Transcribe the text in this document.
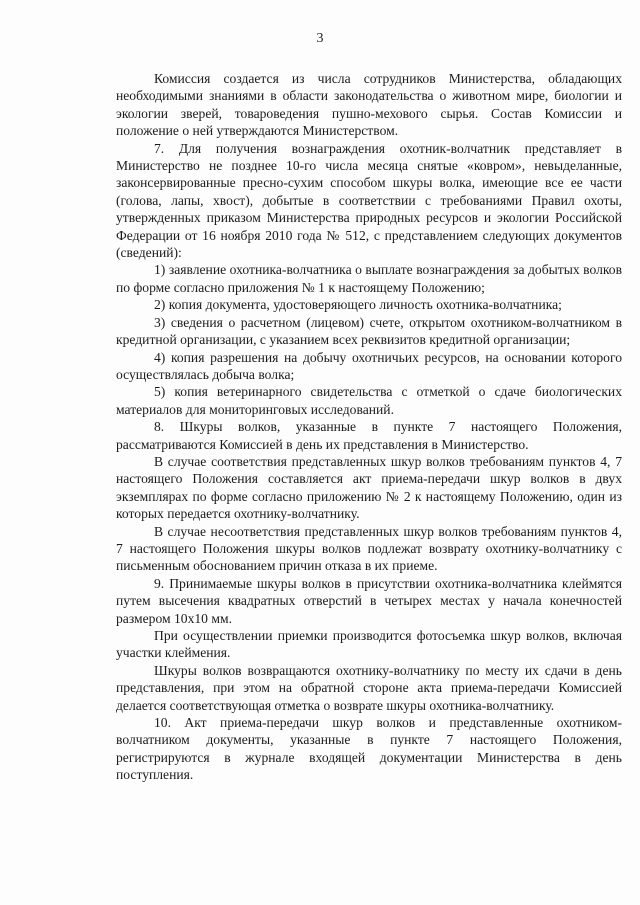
3

Комиссия создается из числа сотрудников Министерства, обладающих необходимыми знаниями в области законодательства о животном мире, биологии и экологии зверей, товароведения пушно-мехового сырья. Состав Комиссии и положение о ней утверждаются Министерством.

7. Для получения вознаграждения охотник-волчатник представляет в Министерство не позднее 10-го числа месяца снятые «ковром», невыделанные, законсервированные пресно-сухим способом шкуры волка, имеющие все ее части (голова, лапы, хвост), добытые в соответствии с требованиями Правил охоты, утвержденных приказом Министерства природных ресурсов и экологии Российской Федерации от 16 ноября 2010 года № 512, с представлением следующих документов (сведений):

1) заявление охотника-волчатника о выплате вознаграждения за добытых волков по форме согласно приложения № 1 к настоящему Положению;

2) копия документа, удостоверяющего личность охотника-волчатника;

3) сведения о расчетном (лицевом) счете, открытом охотником-волчатником в кредитной организации, с указанием всех реквизитов кредитной организации;

4) копия разрешения на добычу охотничьих ресурсов, на основании которого осуществлялась добыча волка;

5) копия ветеринарного свидетельства с отметкой о сдаче биологических материалов для мониторинговых исследований.

8. Шкуры волков, указанные в пункте 7 настоящего Положения, рассматриваются Комиссией в день их представления в Министерство.

В случае соответствия представленных шкур волков требованиям пунктов 4, 7 настоящего Положения составляется акт приема-передачи шкур волков в двух экземплярах по форме согласно приложению № 2 к настоящему Положению, один из которых передается охотнику-волчатнику.

В случае несоответствия представленных шкур волков требованиям пунктов 4, 7 настоящего Положения шкуры волков подлежат возврату охотнику-волчатнику с письменным обоснованием причин отказа в их приеме.

9. Принимаемые шкуры волков в присутствии охотника-волчатника клеймятся путем высечения квадратных отверстий в четырех местах у начала конечностей размером 10х10 мм.

При осуществлении приемки производится фотосъемка шкур волков, включая участки клеймения.

Шкуры волков возвращаются охотнику-волчатнику по месту их сдачи в день представления, при этом на обратной стороне акта приема-передачи Комиссией делается соответствующая отметка о возврате шкуры охотника-волчатнику.

10. Акт приема-передачи шкур волков и представленные охотником-волчатником документы, указанные в пункте 7 настоящего Положения, регистрируются в журнале входящей документации Министерства в день поступления.
